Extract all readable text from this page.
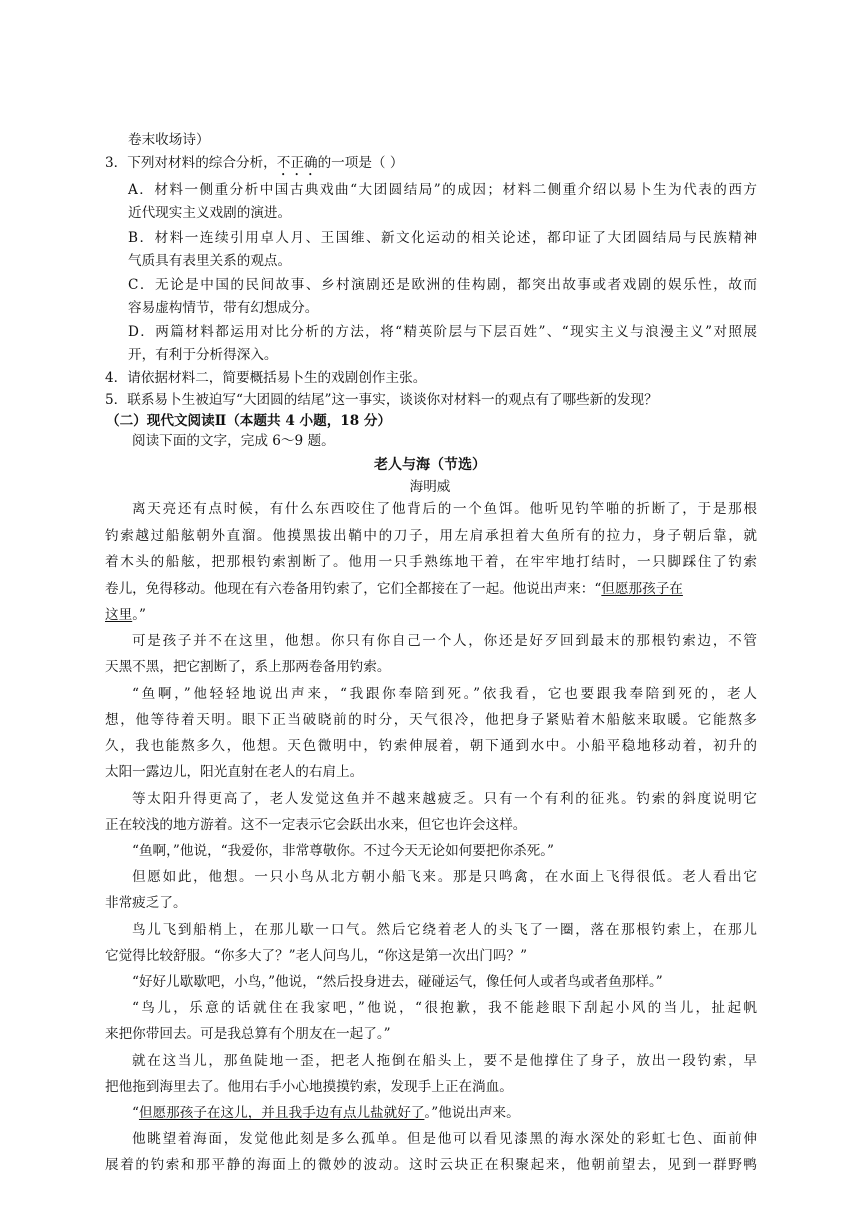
卷末收场诗）
3．下列对材料的综合分析，不正确的一项是（ ）
A．材料一侧重分析中国古典戏曲“大团圆结局”的成因；材料二侧重介绍以易卜生为代表的西方
近代现实主义戏剧的演进。
B．材料一连续引用卓人月、王国维、新文化运动的相关论述，都印证了大团圆结局与民族精神
气质具有表里关系的观点。
C．无论是中国的民间故事、乡村演剧还是欧洲的佳构剧，都突出故事或者戏剧的娱乐性，故而
容易虚构情节，带有幻想成分。
D．两篇材料都运用对比分析的方法，将“精英阶层与下层百姓”、“现实主义与浪漫主义”对照展
开，有利于分析得深入。
4．请依据材料二，简要概括易卜生的戏剧创作主张。
5．联系易卜生被迫写“大团圆的结尾”这一事实，谈谈你对材料一的观点有了哪些新的发现？
（二）现代文阅读Ⅱ（本题共 4 小题，18 分）
阅读下面的文字，完成 6～9 题。
老人与海（节选）
海明威
离天亮还有点时候，有什么东西咬住了他背后的一个鱼饵。他听见钓竿啪的折断了，于是那根
钓索越过船舷朝外直溜。他摸黑拔出鞘中的刀子，用左肩承担着大鱼所有的拉力，身子朝后靠，就
着木头的船舷，把那根钓索割断了。他用一只手熟练地干着，在牢牢地打结时，一只脚踩住了钓索
卷儿，免得移动。他现在有六卷备用钓索了，它们全都接在了一起。他说出声来：“但愿那孩子在
这里。”
可是孩子并不在这里，他想。你只有你自己一个人，你还是好歹回到最末的那根钓索边，不管
天黑不黑，把它割断了，系上那两卷备用钓索。
“鱼啊，”他轻轻地说出声来，“我跟你奉陪到死。”依我看，它也要跟我奉陪到死的，老人
想，他等待着天明。眼下正当破晓前的时分，天气很冷，他把身子紧贴着木船舷来取暖。它能熬多
久，我也能熬多久，他想。天色微明中，钓索伸展着，朝下通到水中。小船平稳地移动着，初升的
太阳一露边儿，阳光直射在老人的右肩上。
等太阳升得更高了，老人发觉这鱼并不越来越疲乏。只有一个有利的征兆。钓索的斜度说明它
正在较浅的地方游着。这不一定表示它会跃出水来，但它也许会这样。
“鱼啊，”他说，“我爱你，非常尊敬你。不过今天无论如何要把你杀死。”
但愿如此，他想。一只小鸟从北方朝小船飞来。那是只鸣禽，在水面上飞得很低。老人看出它
非常疲乏了。
鸟儿飞到船梢上，在那儿歇一口气。然后它绕着老人的头飞了一圈，落在那根钓索上，在那儿
它觉得比较舒服。“你多大了？”老人问鸟儿，“你这是第一次出门吗？”
“好好儿歇歇吧，小鸟，”他说，“然后投身进去，碰碰运气，像任何人或者鸟或者鱼那样。”
“鸟儿，乐意的话就住在我家吧，”他说，“很抱歉，我不能趁眼下刮起小风的当儿，扯起帆
来把你带回去。可是我总算有个朋友在一起了。”
就在这当儿，那鱼陡地一歪，把老人拖倒在船头上，要不是他撑住了身子，放出一段钓索，早
把他拖到海里去了。他用右手小心地摸摸钓索，发现手上正在淌血。
“但愿那孩子在这儿，并且我手边有点儿盐就好了。”他说出声来。
他眺望着海面，发觉他此刻是多么孤单。但是他可以看见漆黑的海水深处的彩虹七色、面前伸
展着的钓索和那平静的海面上的微妙的波动。这时云块正在积聚起来，他朝前望去，见到一群野鸭
